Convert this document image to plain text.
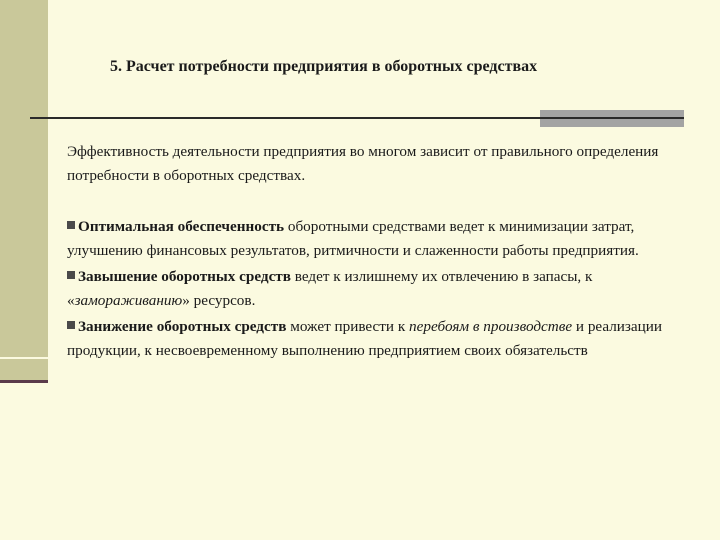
5. Расчет потребности предприятия в оборотных средствах

Эффективность деятельности предприятия во многом зависит от правильного определения потребности в оборотных средствах.

Оптимальная обеспеченность оборотными средствами ведет к минимизации затрат, улучшению финансовых результатов, ритмичности и слаженности работы предприятия.

Завышение оборотных средств ведет к излишнему их отвлечению в запасы, к «замораживанию» ресурсов.

Занижение оборотных средств может привести к перебоям в производстве и реализации продукции, к несвоевременному выполнению предприятием своих обязательств
